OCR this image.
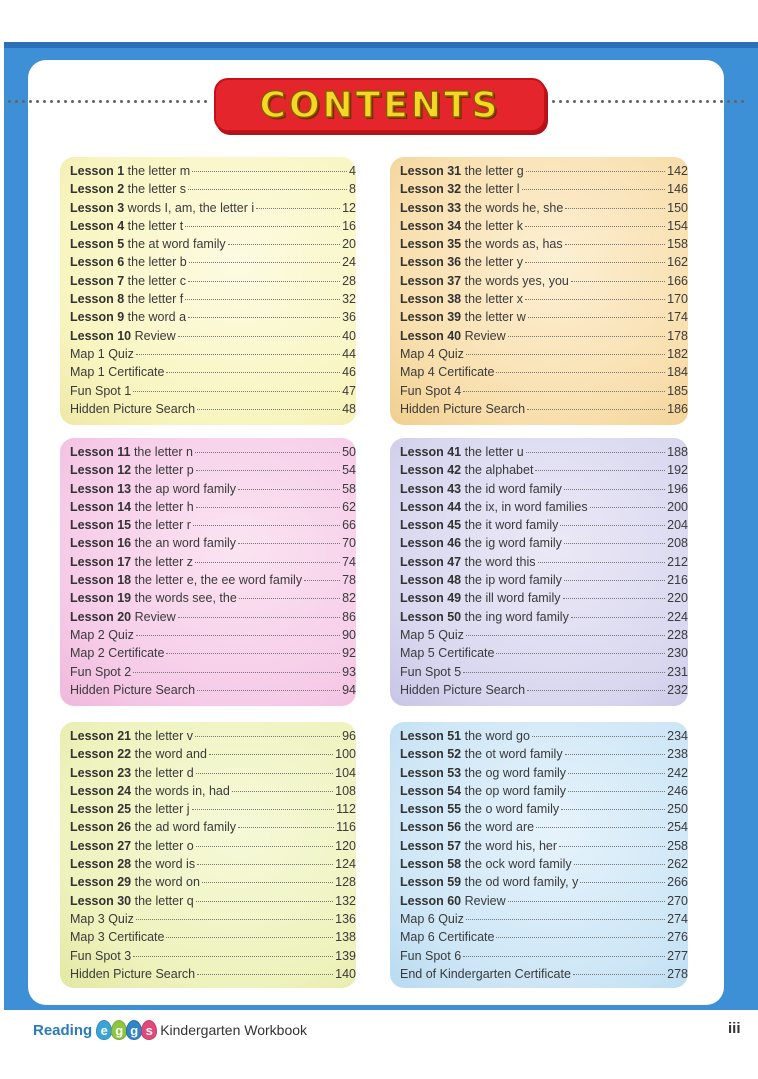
CONTENTS
Lesson 1 the letter m	4
Lesson 2 the letter s	8
Lesson 3 words I, am, the letter i	12
Lesson 4 the letter t	16
Lesson 5 the at word family	20
Lesson 6 the letter b	24
Lesson 7 the letter c	28
Lesson 8 the letter f	32
Lesson 9 the word a	36
Lesson 10 Review	40
Map 1 Quiz	44
Map 1 Certificate	46
Fun Spot 1	47
Hidden Picture Search	48
Lesson 31 the letter g	142
Lesson 32 the letter l	146
Lesson 33 the words he, she	150
Lesson 34 the letter k	154
Lesson 35 the words as, has	158
Lesson 36 the letter y	162
Lesson 37 the words yes, you	166
Lesson 38 the letter x	170
Lesson 39 the letter w	174
Lesson 40 Review	178
Map 4 Quiz	182
Map 4 Certificate	184
Fun Spot 4	185
Hidden Picture Search	186
Lesson 11 the letter n	50
Lesson 12 the letter p	54
Lesson 13 the ap word family	58
Lesson 14 the letter h	62
Lesson 15 the letter r	66
Lesson 16 the an word family	70
Lesson 17 the letter z	74
Lesson 18 the letter e, the ee word family	78
Lesson 19 the words see, the	82
Lesson 20 Review	86
Map 2 Quiz	90
Map 2 Certificate	92
Fun Spot 2	93
Hidden Picture Search	94
Lesson 41 the letter u	188
Lesson 42 the alphabet	192
Lesson 43 the id word family	196
Lesson 44 the ix, in word families	200
Lesson 45 the it word family	204
Lesson 46 the ig word family	208
Lesson 47 the word this	212
Lesson 48 the ip word family	216
Lesson 49 the ill word family	220
Lesson 50 the ing word family	224
Map 5 Quiz	228
Map 5 Certificate	230
Fun Spot 5	231
Hidden Picture Search	232
Lesson 21 the letter v	96
Lesson 22 the word and	100
Lesson 23 the letter d	104
Lesson 24 the words in, had	108
Lesson 25 the letter j	112
Lesson 26 the ad word family	116
Lesson 27 the letter o	120
Lesson 28 the word is	124
Lesson 29 the word on	128
Lesson 30 the letter q	132
Map 3 Quiz	136
Map 3 Certificate	138
Fun Spot 3	139
Hidden Picture Search	140
Lesson 51 the word go	234
Lesson 52 the ot word family	238
Lesson 53 the og word family	242
Lesson 54 the op word family	246
Lesson 55 the o word family	250
Lesson 56 the word are	254
Lesson 57 the word his, her	258
Lesson 58 the ock word family	262
Lesson 59 the od word family, y	266
Lesson 60 Review	270
Map 6 Quiz	274
Map 6 Certificate	276
Fun Spot 6	277
End of Kindergarten Certificate	278
Reading e g g s Kindergarten Workbook	iii
